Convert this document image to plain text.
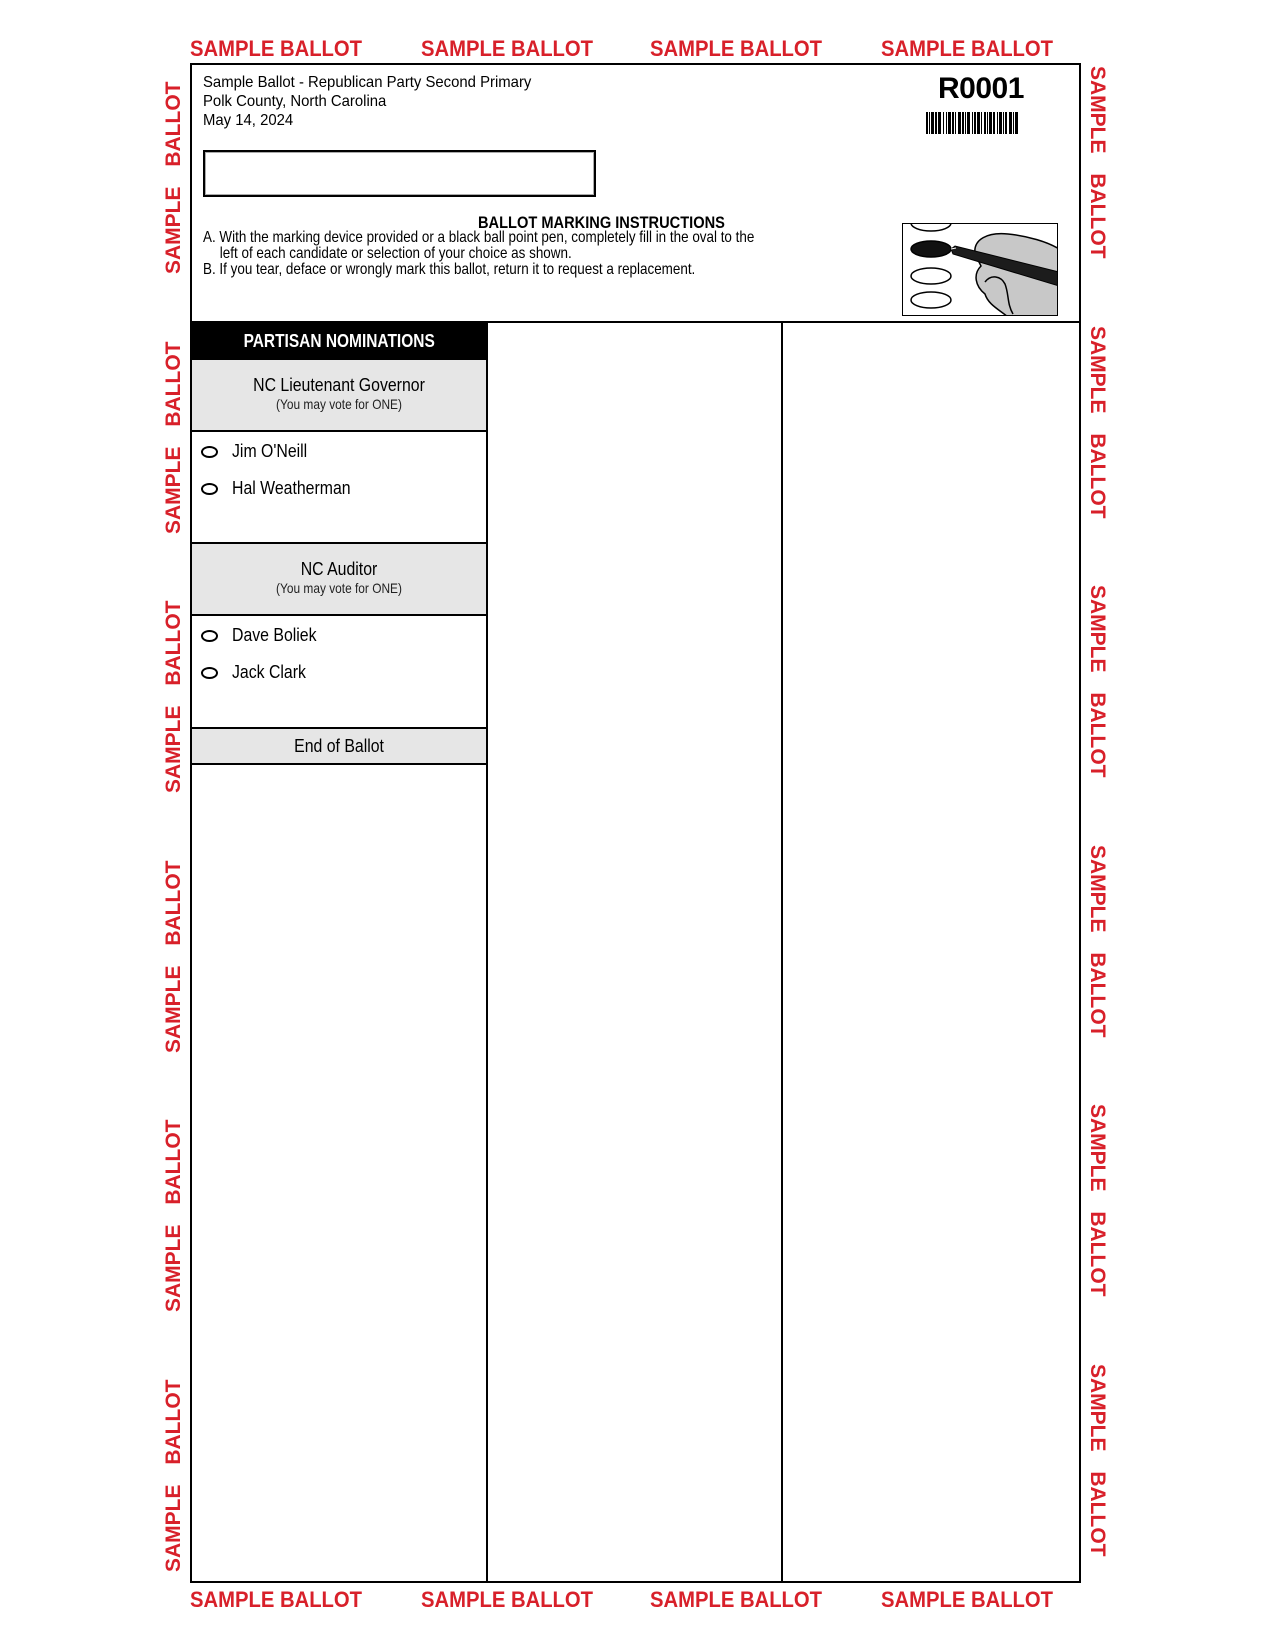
SAMPLE BALLOT	SAMPLE BALLOT	SAMPLE BALLOT	SAMPLE BALLOT
SAMPLE BALLOT	SAMPLE BALLOT	SAMPLE BALLOT	SAMPLE BALLOT
SAMPLE BALLOT
SAMPLE BALLOT
SAMPLE BALLOT
SAMPLE BALLOT
SAMPLE BALLOT
SAMPLE BALLOT
SAMPLE BALLOT
SAMPLE BALLOT
SAMPLE BALLOT
SAMPLE BALLOT
SAMPLE BALLOT
SAMPLE BALLOT
Sample Ballot - Republican Party Second Primary
Polk County, North Carolina
May 14, 2024
R0001
BALLOT MARKING INSTRUCTIONS
A. With the marking device provided or a black ball point pen, completely fill in the oval to the
left of each candidate or selection of your choice as shown.
B. If you tear, deface or wrongly mark this ballot, return it to request a replacement.
PARTISAN NOMINATIONS
NC Lieutenant Governor
(You may vote for ONE)
Jim O'Neill
Hal Weatherman
NC Auditor
(You may vote for ONE)
Dave Boliek
Jack Clark
End of Ballot
